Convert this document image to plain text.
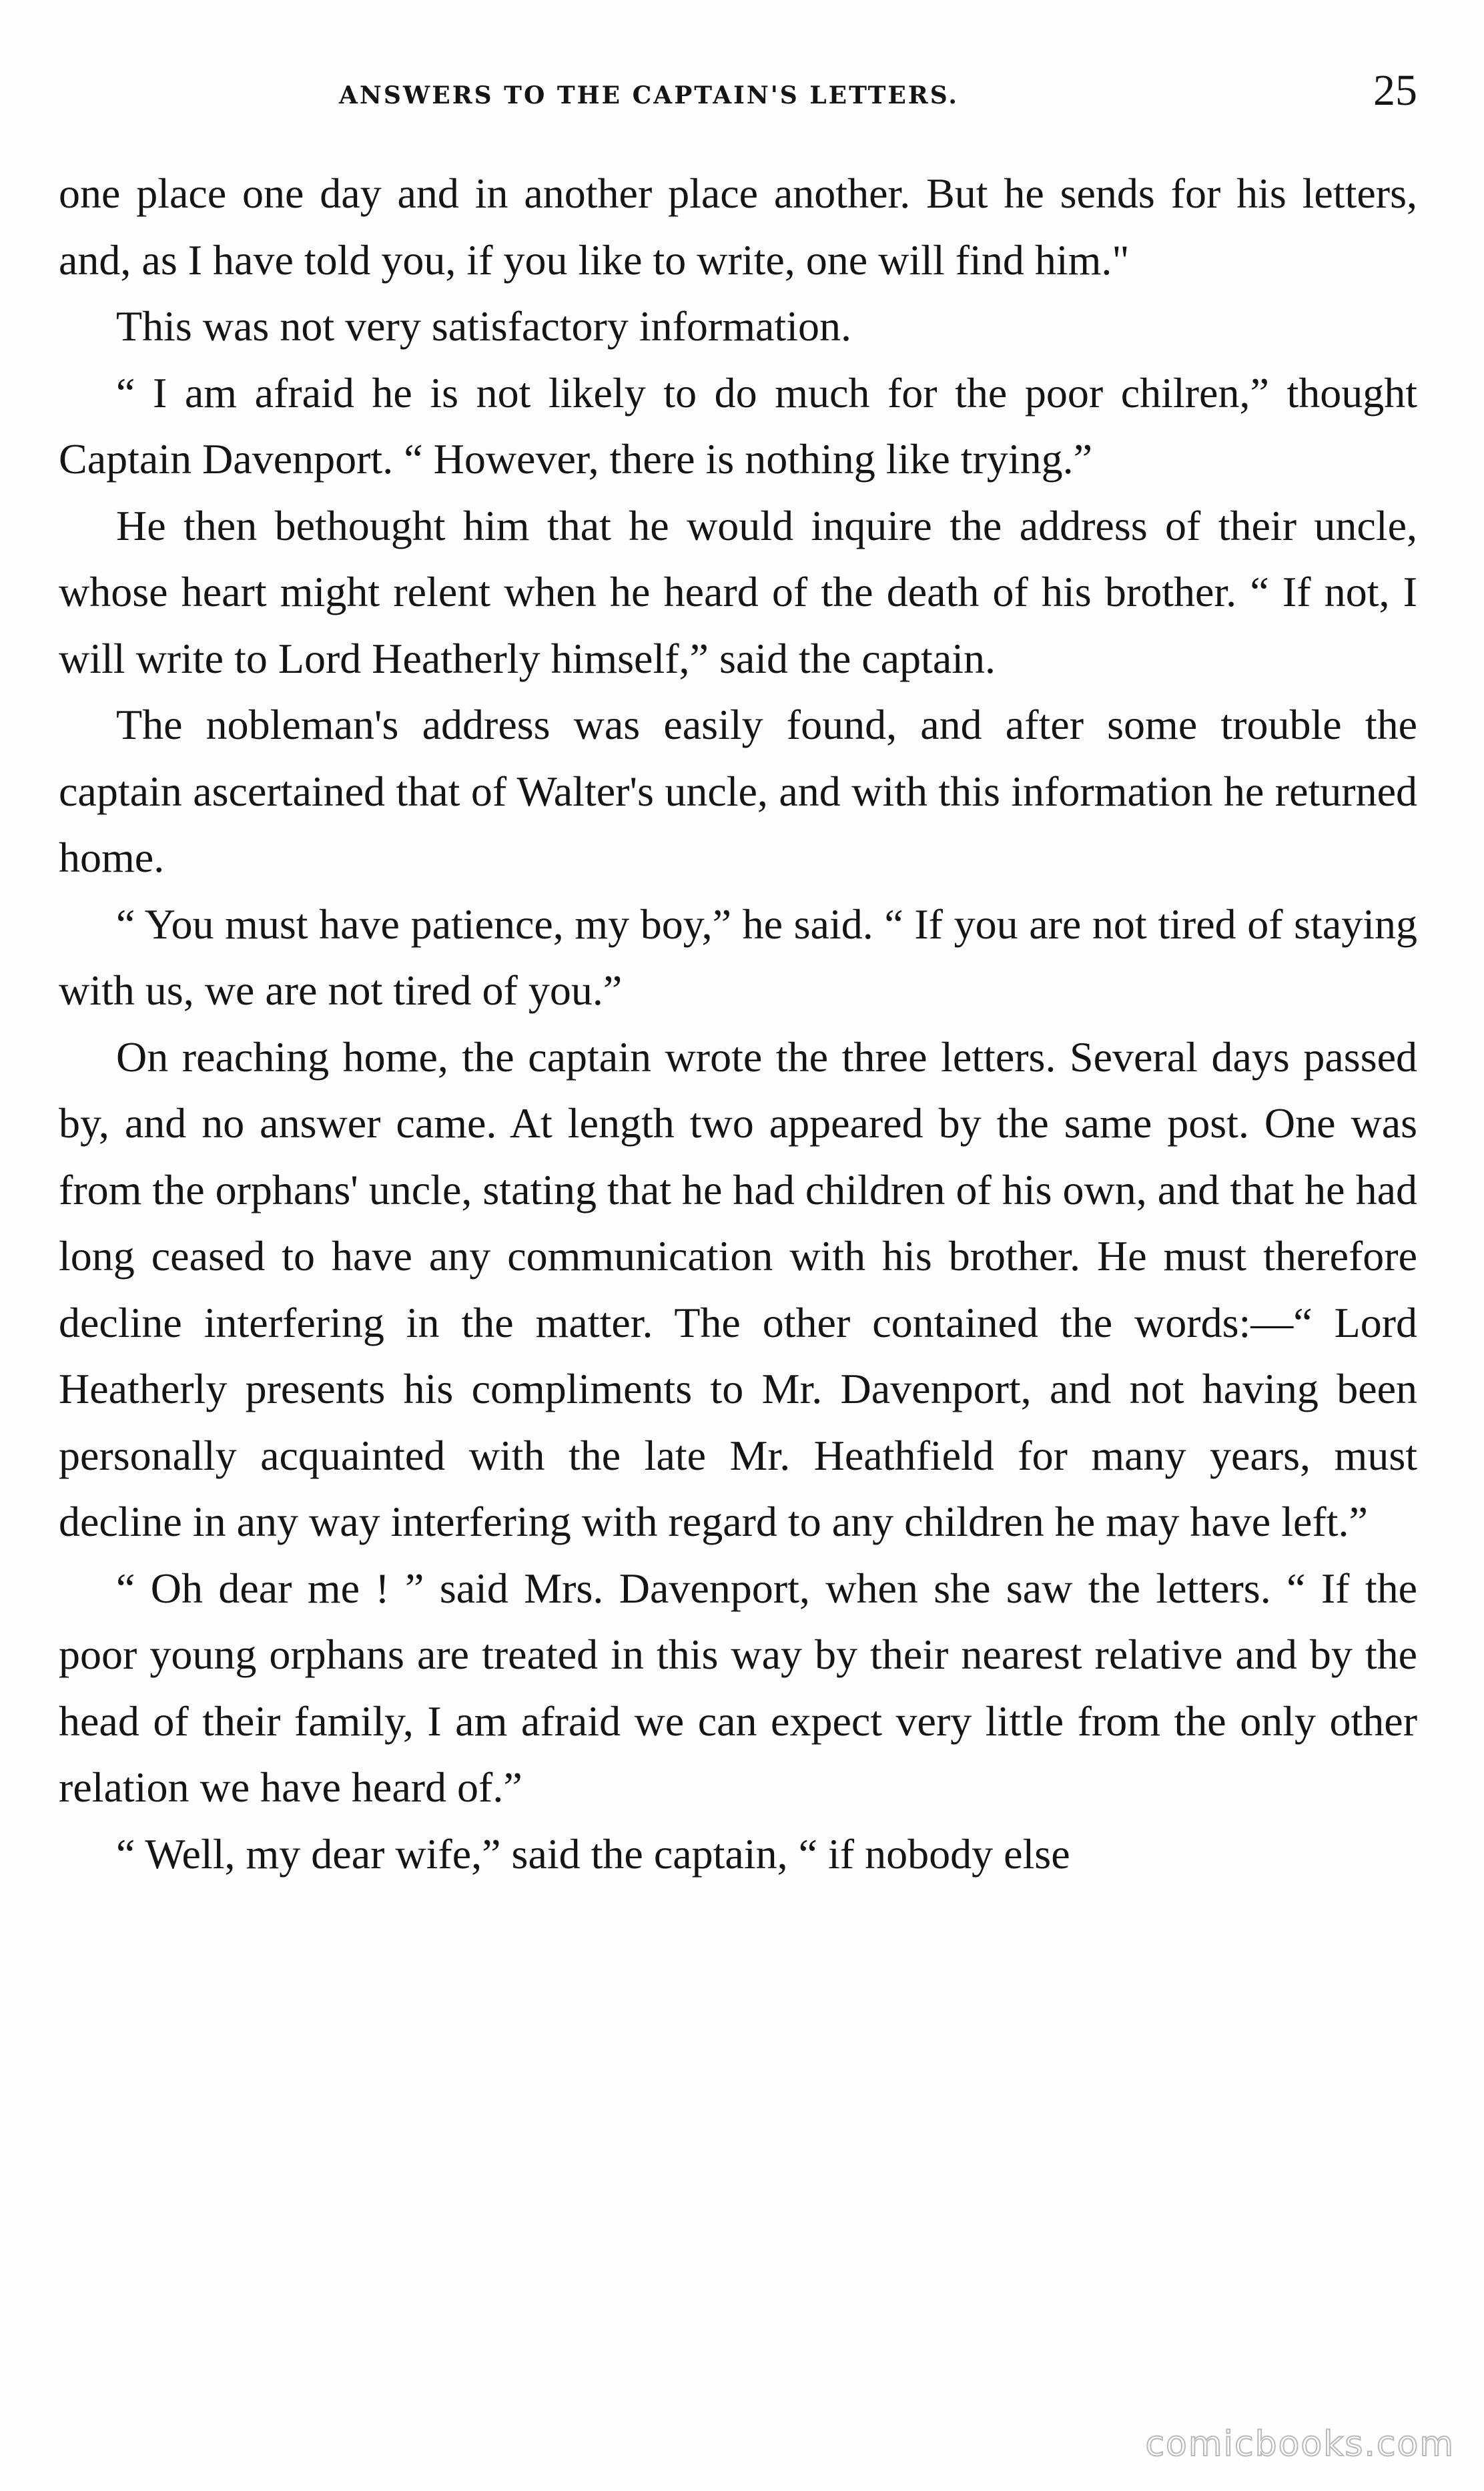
ANSWERS TO THE CAPTAIN'S LETTERS.	25

one place one day and in another place another. But he sends for his letters, and, as I have told you, if you like to write, one will find him."

This was not very satisfactory information.

“ I am afraid he is not likely to do much for the poor chilren,” thought Captain Davenport. “ However, there is nothing like trying.”

He then bethought him that he would inquire the address of their uncle, whose heart might relent when he heard of the death of his brother. “ If not, I will write to Lord Heatherly himself,” said the captain.

The nobleman's address was easily found, and after some trouble the captain ascertained that of Walter's uncle, and with this information he returned home.

“ You must have patience, my boy,” he said. “ If you are not tired of staying with us, we are not tired of you.”

On reaching home, the captain wrote the three letters. Several days passed by, and no answer came. At length two appeared by the same post. One was from the orphans' uncle, stating that he had children of his own, and that he had long ceased to have any communication with his brother. He must therefore decline interfering in the matter. The other contained the words:—“ Lord Heatherly presents his compliments to Mr. Davenport, and not having been personally acquainted with the late Mr. Heathfield for many years, must decline in any way interfering with regard to any children he may have left.”

“ Oh dear me ! ” said Mrs. Davenport, when she saw the letters. “ If the poor young orphans are treated in this way by their nearest relative and by the head of their family, I am afraid we can expect very little from the only other relation we have heard of.”

“ Well, my dear wife,” said the captain, “ if nobody else

comicbooks.com
